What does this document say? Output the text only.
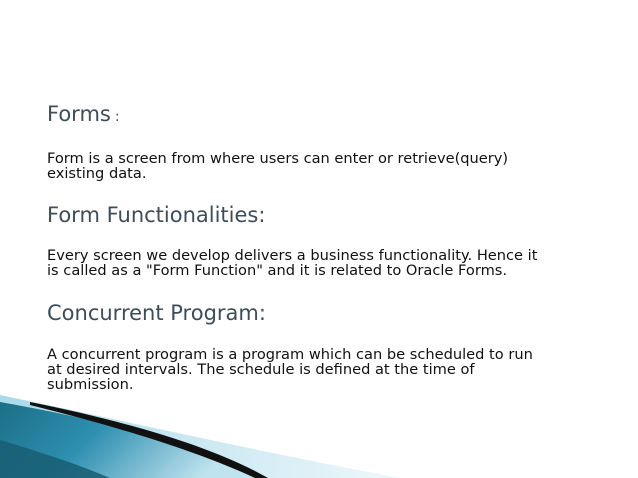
Forms :

Form is a screen from where users can enter or retrieve(query)
existing data.

Form Functionalities:

Every screen we develop delivers a business functionality. Hence it
is called as a "Form Function" and it is related to Oracle Forms.

Concurrent Program:

A concurrent program is a program which can be scheduled to run
at desired intervals. The schedule is defined at the time of
submission.
